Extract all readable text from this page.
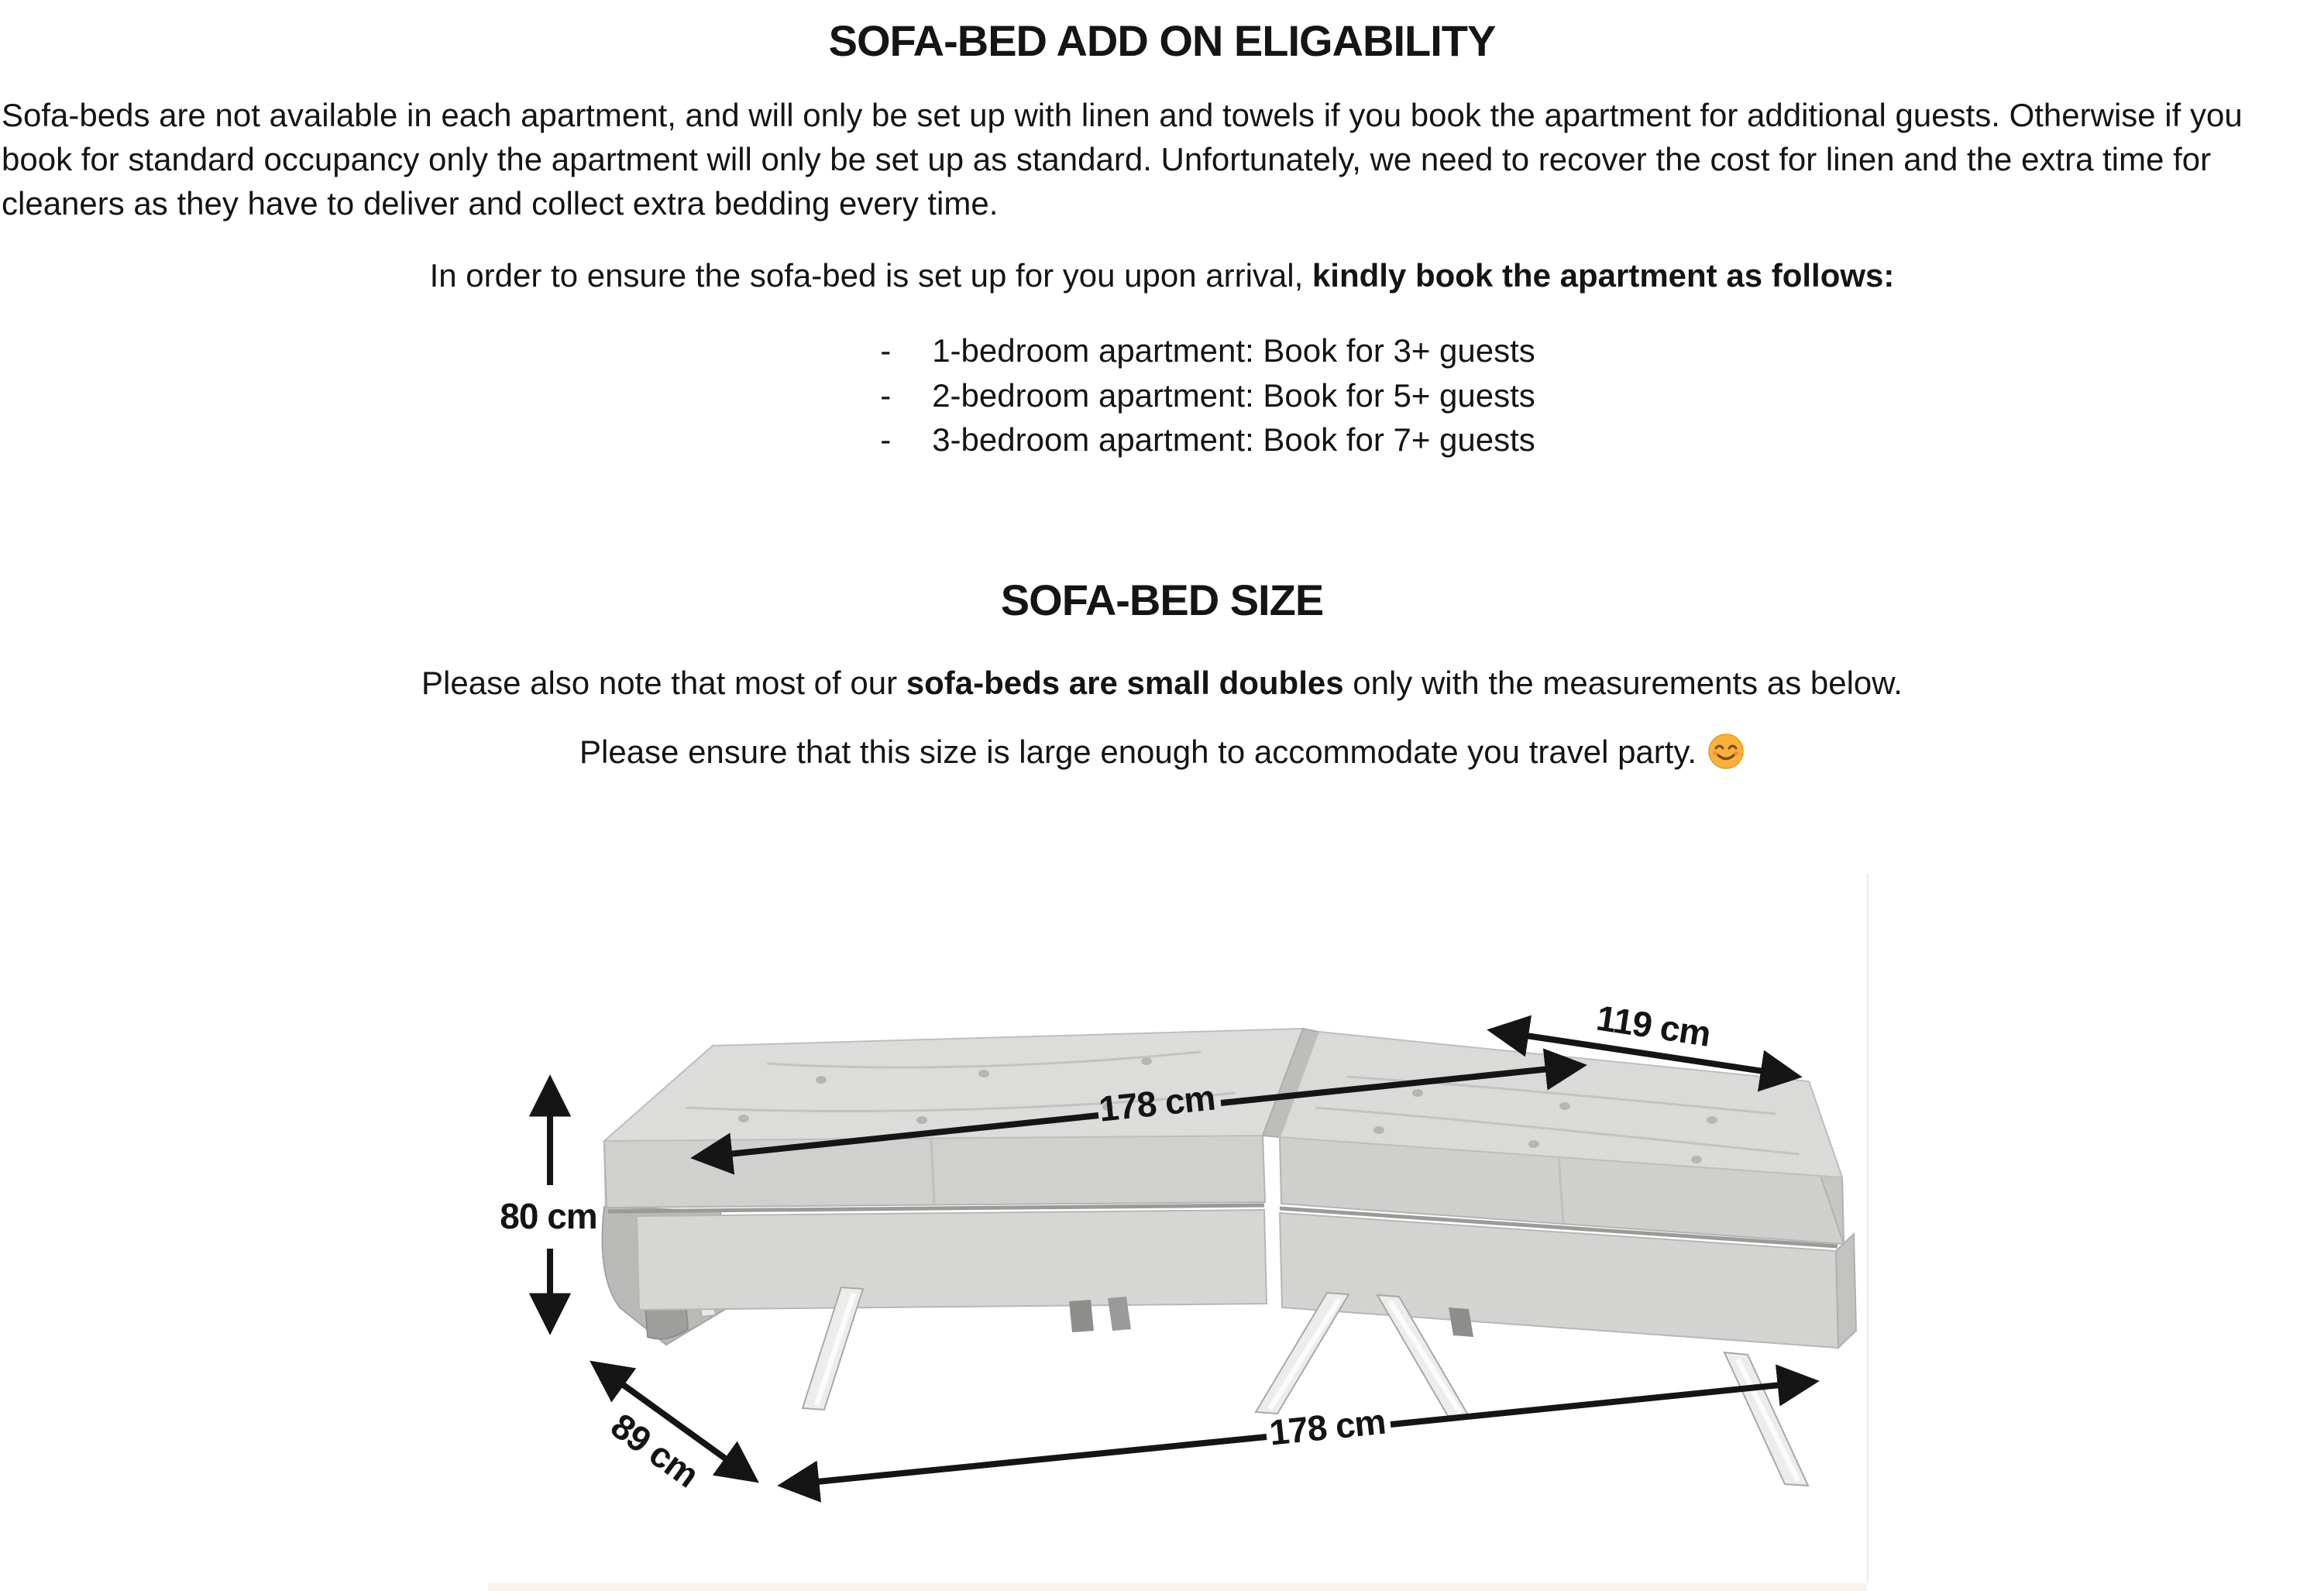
SOFA-BED ADD ON ELIGABILITY

Sofa-beds are not available in each apartment, and will only be set up with linen and towels if you book the apartment for additional guests. Otherwise if you book for standard occupancy only the apartment will only be set up as standard. Unfortunately, we need to recover the cost for linen and the extra time for cleaners as they have to deliver and collect extra bedding every time.

In order to ensure the sofa-bed is set up for you upon arrival, kindly book the apartment as follows:

-	1-bedroom apartment: Book for 3+ guests
-	2-bedroom apartment: Book for 5+ guests
-	3-bedroom apartment: Book for 7+ guests
SOFA-BED SIZE

Please also note that most of our sofa-beds are small doubles only with the measurements as below.

Please ensure that this size is large enough to accommodate you travel party.

178 cm
119 cm
80 cm
89 cm	178 cm
